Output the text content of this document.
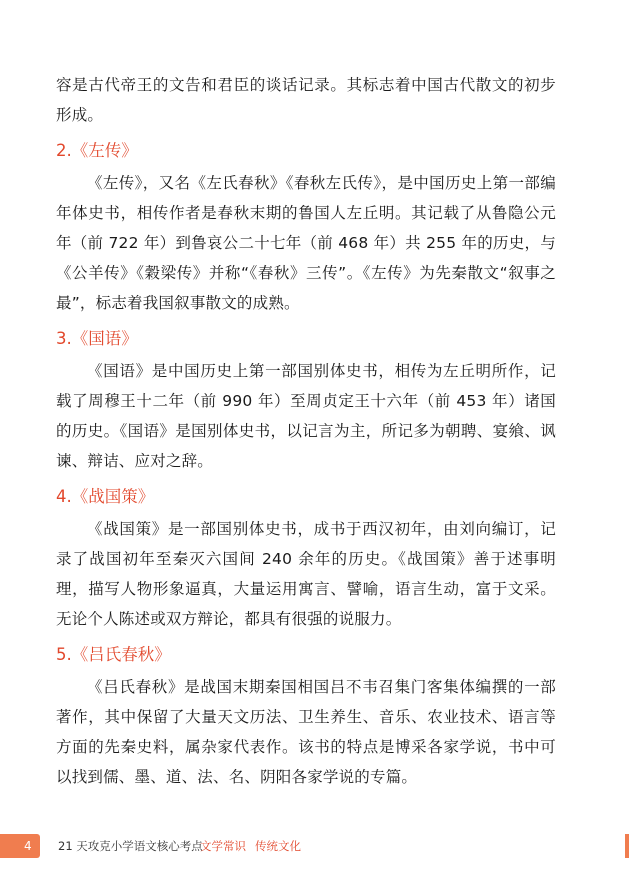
容是古代帝王的文告和君臣的谈话记录。其标志着中国古代散文的初步形成。

2.《左传》

《左传》，又名《左氏春秋》《春秋左氏传》，是中国历史上第一部编年体史书，相传作者是春秋末期的鲁国人左丘明。其记载了从鲁隐公元年（前 722 年）到鲁哀公二十七年（前 468 年）共 255 年的历史，与《公羊传》《穀梁传》并称“《春秋》三传”。《左传》为先秦散文“叙事之最”，标志着我国叙事散文的成熟。

3.《国语》

《国语》是中国历史上第一部国别体史书，相传为左丘明所作，记载了周穆王十二年（前 990 年）至周贞定王十六年（前 453 年）诸国的历史。《国语》是国别体史书，以记言为主，所记多为朝聘、宴飨、讽谏、辩诘、应对之辞。

4.《战国策》

《战国策》是一部国别体史书，成书于西汉初年，由刘向编订，记录了战国初年至秦灭六国间 240 余年的历史。《战国策》善于述事明理，描写人物形象逼真，大量运用寓言、譬喻，语言生动，富于文采。无论个人陈述或双方辩论，都具有很强的说服力。

5.《吕氏春秋》

《吕氏春秋》是战国末期秦国相国吕不韦召集门客集体编撰的一部著作，其中保留了大量天文历法、卫生养生、音乐、农业技术、语言等方面的先秦史料，属杂家代表作。该书的特点是博采各家学说，书中可以找到儒、墨、道、法、名、阴阳各家学说的专篇。

4 21 天攻克小学语文核心考点
文学常识 传统文化
